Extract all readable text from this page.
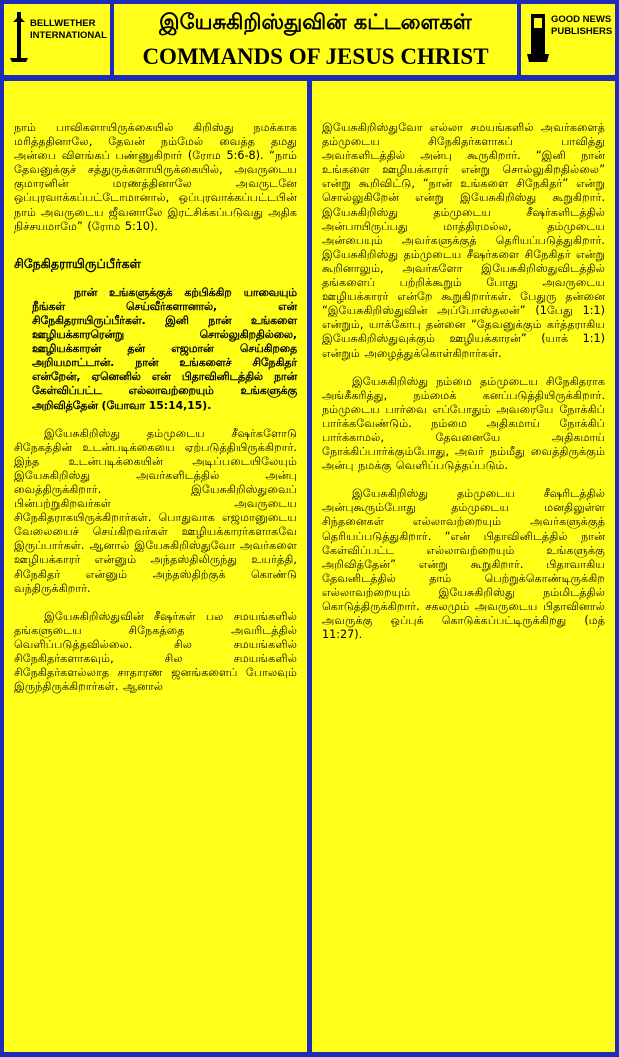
BELLWETHER INTERNATIONAL
இயேசுகிறிஸ்துவின் கட்டளைகள்
COMMANDS OF JESUS CHRIST
GOOD NEWS PUBLISHERS

நாம் பாவிகளாயிருக்கையில் கிறிஸ்து நமக்காக மரித்ததினாலே, தேவன் நம்மேல் வைத்த தமது அன்பை விளங்கப் பண்ணுகிறார் (ரோம 5:6-8). “நாம் தேவனுக்குச் சத்துருக்களாயிருக்கையில், அவருடைய குமாரனின் மரணத்தினாலே அவருடனே ஒப்புரவாக்கப்பட்டோமானால், ஒப்புரவாக்கப்பட்டபின் நாம் அவருடைய ஜீவனாலே இரட்சிக்கப்படுவது அதிக நிச்சயமாமே” (ரோம 5:10).

சிநேகிதராயிருப்பீர்கள்

நான் உங்களுக்குக் கற்பிக்கிற யாவையும் நீங்கள் செய்வீர்களானால், என் சிநேகிதராயிருப்பீர்கள். இனி நான் உங்களை ஊழியக்காரரென்று சொல்லுகிறதில்லை, ஊழியக்காரன் தன் எஜமான் செய்கிறதை அறியமாட்டான். நான் உங்களைச் சிநேகிதர் என்றேன், ஏனெனில் என் பிதாவினிடத்தில் நான் கேள்விப்பட்ட எல்லாவற்றையும் உங்களுக்கு அறிவித்தேன் (யோவா 15:14,15).

இயேசுகிறிஸ்து தம்முடைய சீஷர்களோடு சிநேகத்தின் உடன்படிக்கையை ஏற்படுத்தியிருக்கிறார். இந்த உடன்படிக்கையின் அடிப்படையிலேயும் இயேசுகிறிஸ்து அவர்களிடத்தில் அன்பு வைத்திருக்கிறார். இயேசுகிறிஸ்துவைப் பின்பற்றுகிறவர்கள் அவருடைய சிநேகிதராகயிருக்கிறார்கள். பொதுவாக எஜமானுடைய வேலையைச் செய்கிறவர்கள் ஊழியக்காரர்களாகவே இருப்பார்கள். ஆனால் இயேசுகிறிஸ்துவோ அவர்களை ஊழியக்காரர் என்னும் அந்தஸ்திலிருந்து உயர்த்தி, சிநேகிதர் என்னும் அந்தஸ்திற்குக் கொண்டு வந்திருக்கிறார்.

இயேசுகிறிஸ்துவின் சீஷர்கள் பல சமயங்களில் தங்களுடைய சிநேகத்தை அவரிடத்தில் வெளிப்படுத்தவில்லை. சில சமயங்களில் சிநேகிதர்களாகவும், சில சமயங்களில் சிநேகிதர்களல்லாத சாதாரண ஜனங்களைப் போலவும் இருந்திருக்கிறார்கள். ஆனால்

இயேசுகிறிஸ்துவோ எல்லா சமயங்களில் அவர்களைத் தம்முடைய சிநேகிதர்களாகப் பாவித்து அவர்களிடத்தில் அன்பு கூருகிறார். “இனி நான் உங்களை ஊழியக்காரர் என்று சொல்லுகிறதில்லை” என்று கூறிவிட்டு, “நான் உங்களை சிநேகிதர்” என்று சொல்லுகிறேன் என்று இயேசுகிறிஸ்து கூறுகிறார். இயேசுகிறிஸ்து தம்முடைய சீஷர்களிடத்தில் அன்பாயிருப்பது மாத்திரமல்ல, தம்முடைய அன்பையும் அவர்களுக்குத் தெரியப்படுத்துகிறார். இயேசுகிறிஸ்து தம்முடைய சீஷர்களை சிநேகிதர் என்று கூறினாலும், அவர்களோ இயேசுகிறிஸ்துவிடத்தில் தங்களைப் பற்றிக்கூறும் போது அவருடைய ஊழியக்காரர் என்றே கூறுகிறார்கள். பேதுரு தன்னை “இயேசுகிறிஸ்துவின் அப்போஸ்தலன்” (1பேது 1:1) என்றும், யாக்கோபு தன்னை “தேவனுக்கும் கர்த்தராகிய இயேசுகிறிஸ்துவுக்கும் ஊழியக்காரன்” (யாக் 1:1) என்றும் அழைத்துக்கொள்கிறார்கள்.

இயேசுகிறிஸ்து நம்மை தம்முடைய சிநேகிதராக அங்கீகரித்து, நம்மைக் கனப்படுத்தியிருக்கிறார். நம்முடைய பார்வை எப்போதும் அவரையே நோக்கிப் பார்க்கவேண்டும். நம்மை அதிகமாய் நோக்கிப் பார்க்காமல், தேவனையே அதிகமாய் நோக்கிப்பார்க்கும்போது, அவர் நம்மீது வைத்திருக்கும் அன்பு நமக்கு வெளிப்படுத்தப்படும்.

இயேசுகிறிஸ்து தம்முடைய சீஷரிடத்தில் அன்புகூரும்போது தம்முடைய மனதிலுள்ள சிந்தனைகள் எல்லாவற்றையும் அவர்களுக்குத் தெரியப்படுத்துகிறார். “என் பிதாவினிடத்தில் நான் கேள்விப்பட்ட எல்லாவற்றையும் உங்களுக்கு அறிவித்தேன்” என்று கூறுகிறார். பிதாவாகிய தேவனிடத்தில் தாம் பெற்றுக்கொண்டிருக்கிற எல்லாவற்றையும் இயேசுகிறிஸ்து நம்மிடத்தில் கொடுத்திருக்கிறார். சகலமும் அவருடைய பிதாவினால் அவருக்கு ஒப்புக் கொடுக்கப்பட்டிருக்கிறது (மத் 11:27).
